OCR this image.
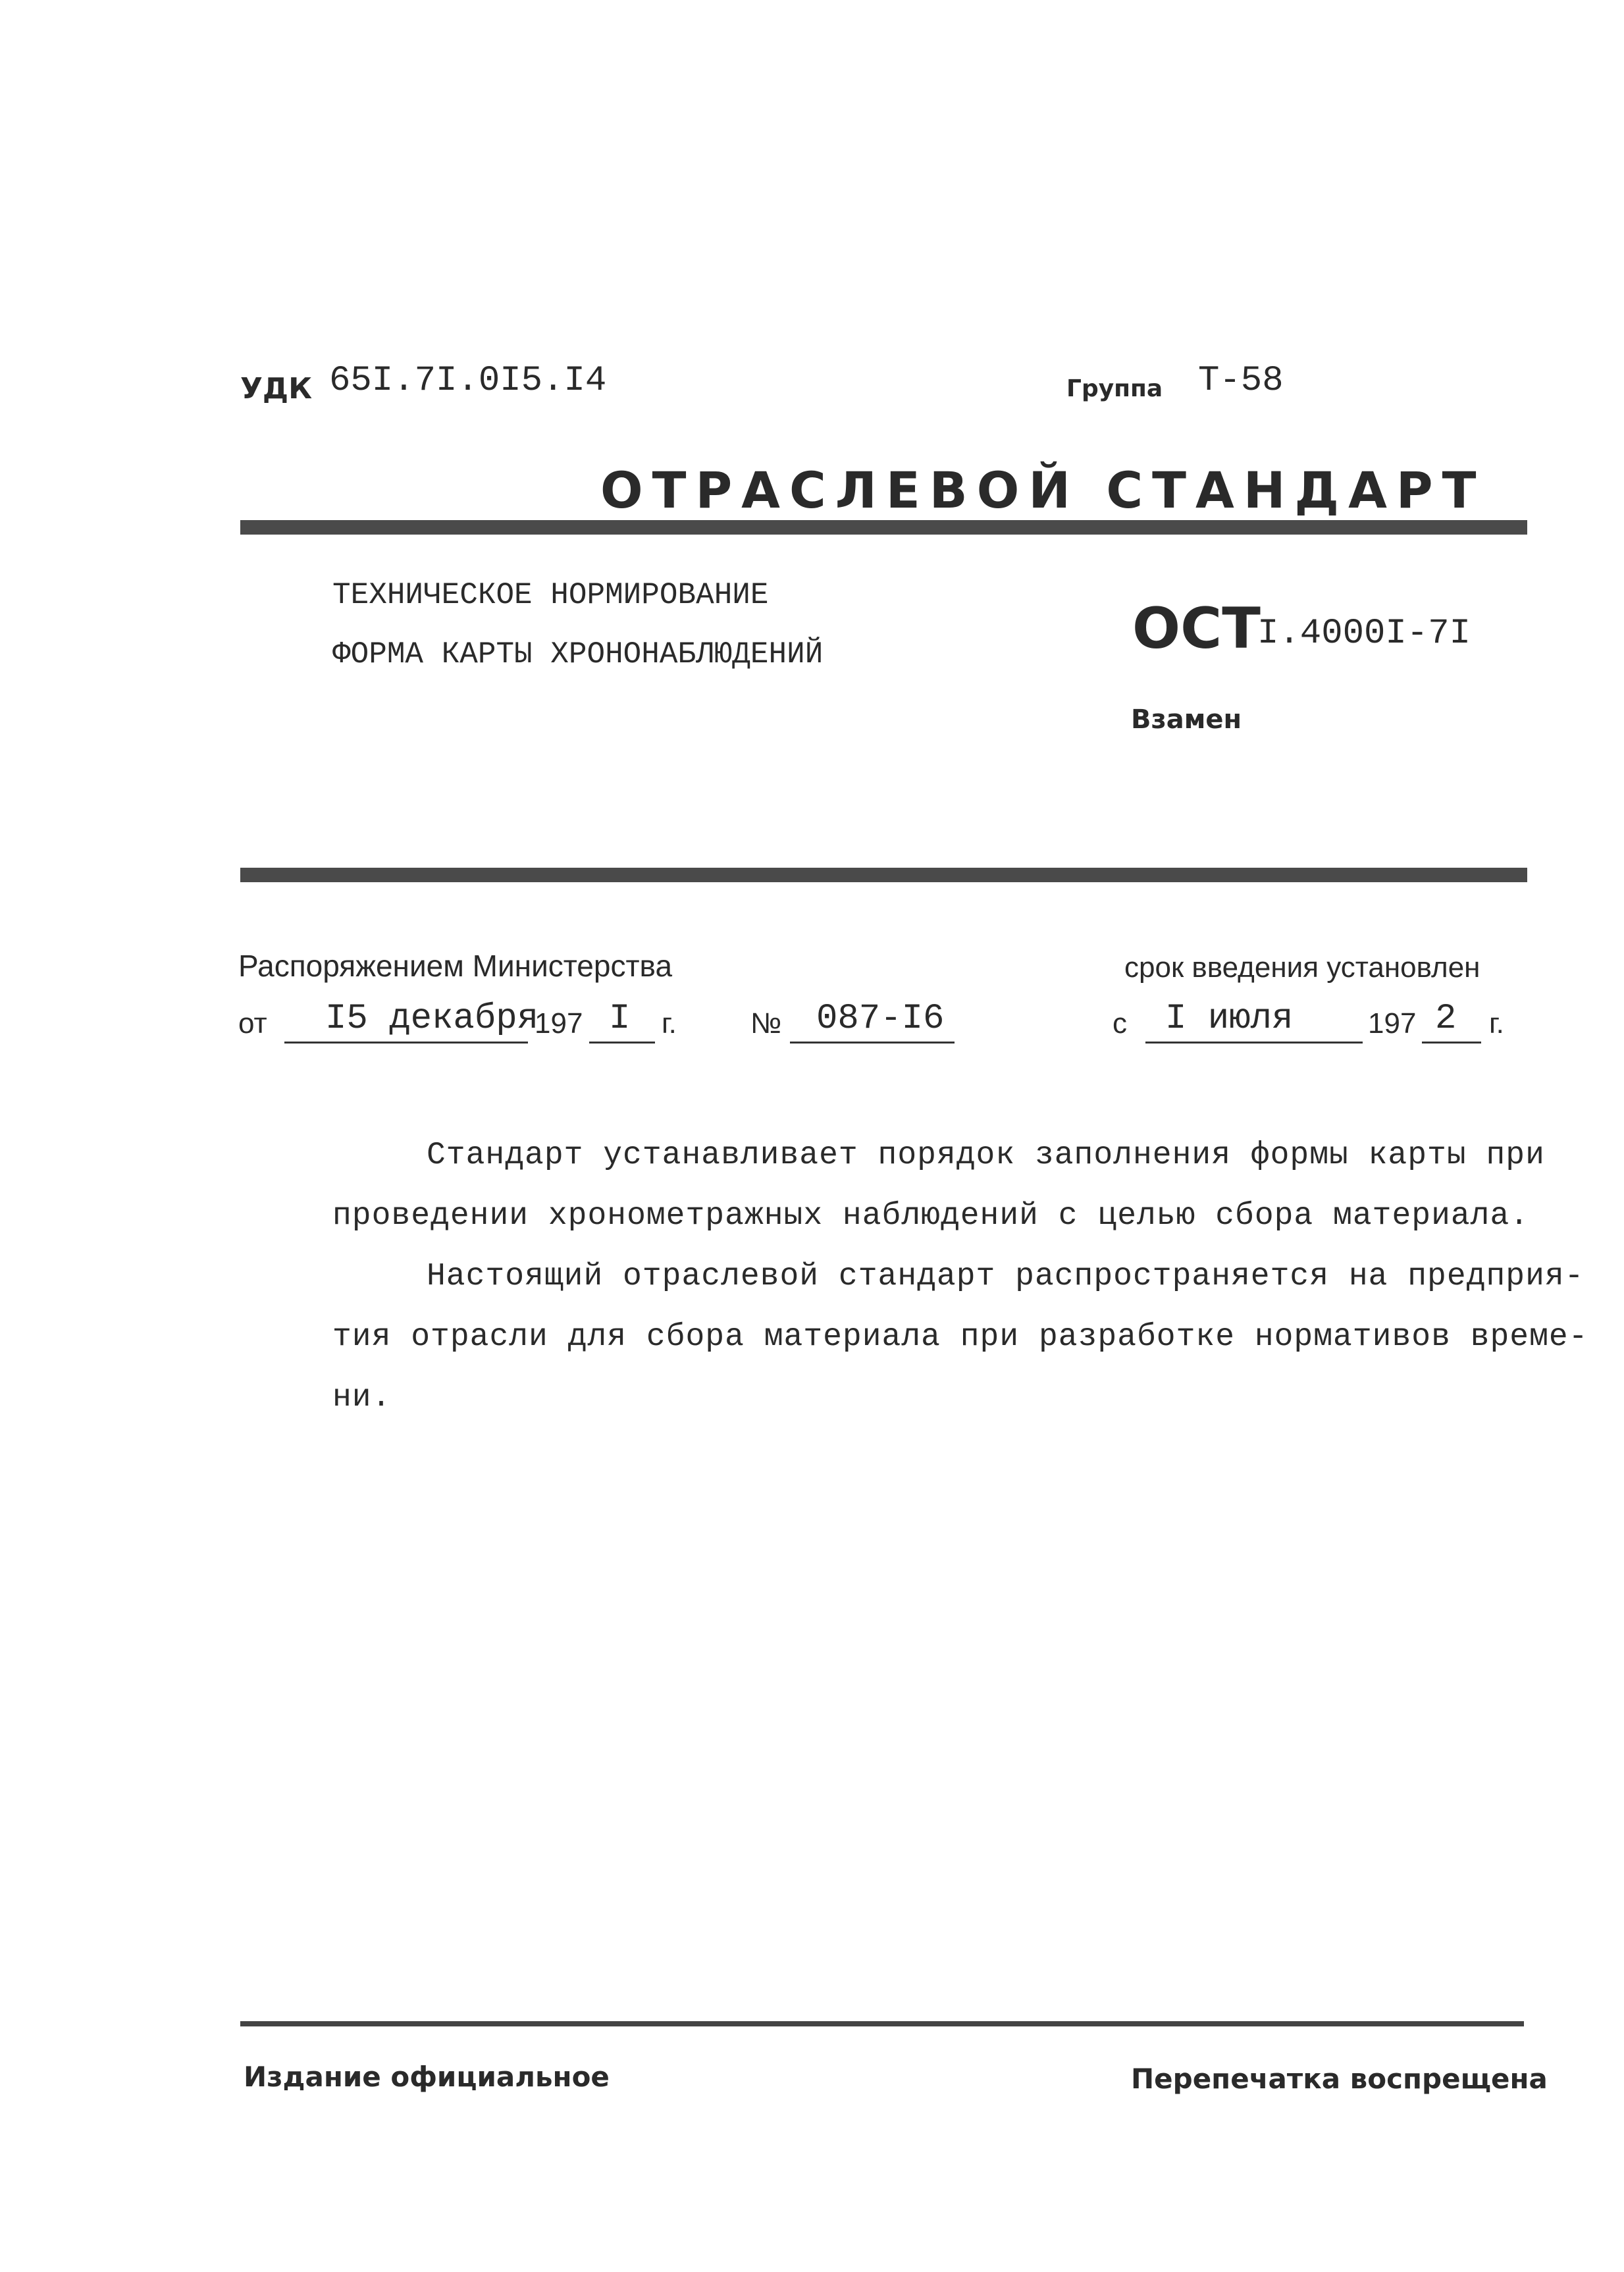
УДК 65I.7I.0I5.I4	Группа Т-58
ОТРАСЛЕВОЙ СТАНДАРТ
ТЕХНИЧЕСКОЕ НОРМИРОВАНИЕ
ФОРМА КАРТЫ ХРОНОНАБЛЮДЕНИЙ	ОСТ
I.4000I-7I
Взамен
Распоряжением Министерства	срок введения установлен
от I5 декабря
197 I г.	№ 087-I6	с I июля	197 2 г.
Стандарт устанавливает порядок заполнения формы карты при
проведении хронометражных наблюдений с целью сбора материала.
Настоящий отраслевой стандарт распространяется на предприя-
тия отрасли для сбора материала при разработке нормативов време-
ни.
Издание официальное	Перепечатка воспрещена
